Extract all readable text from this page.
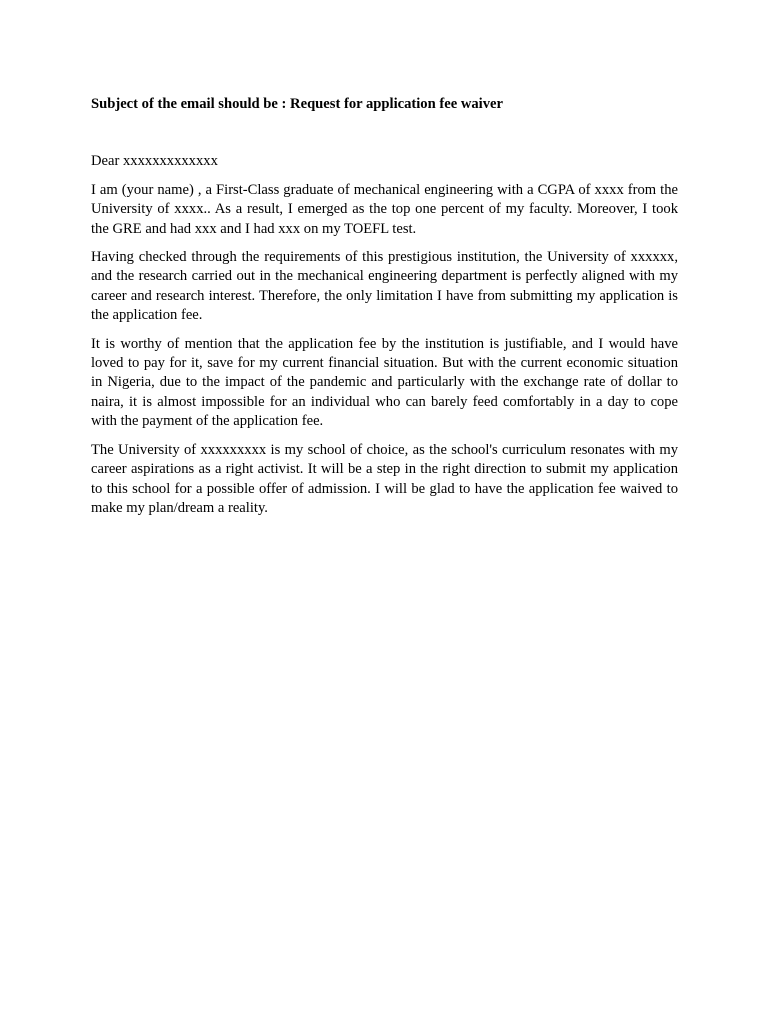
Subject of the email should be : Request for application fee waiver

Dear xxxxxxxxxxxxx

I am (your name) , a First-Class graduate of mechanical engineering with a CGPA of xxxx from the University of xxxx.. As a result, I emerged as the top one percent of my faculty. Moreover, I took the GRE and had xxx and I had xxx on my TOEFL test.

Having checked through the requirements of this prestigious institution, the University of xxxxxx, and the research carried out in the mechanical engineering department is perfectly aligned with my career and research interest. Therefore, the only limitation I have from submitting my application is the application fee.

It is worthy of mention that the application fee by the institution is justifiable, and I would have loved to pay for it, save for my current financial situation. But with the current economic situation in Nigeria, due to the impact of the pandemic and particularly with the exchange rate of dollar to naira, it is almost impossible for an individual who can barely feed comfortably in a day to cope with the payment of the application fee.

The University of xxxxxxxxx is my school of choice, as the school's curriculum resonates with my career aspirations as a right activist. It will be a step in the right direction to submit my application to this school for a possible offer of admission. I will be glad to have the application fee waived to make my plan/dream a reality.
